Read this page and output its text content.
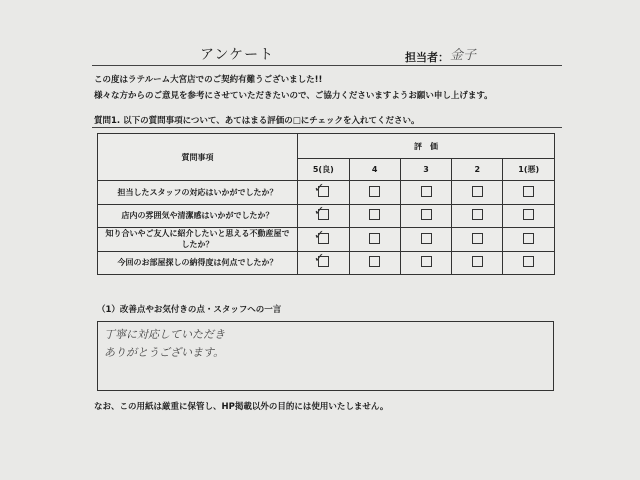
アンケート	担当者： 金子
この度はラテルーム大宮店でのご契約有難うございました!!
様々な方からのご意見を参考にさせていただきたいので、ご協力くださいますようお願い申し上げます。
質問1. 以下の質問事項について、あてはまる評価の□にチェックを入れてください。
質問事項	評　価				
	5(良)	4	3	2	1(悪)
担当したスタッフの対応はいかがでしたか？	✓				

店内の雰囲気や清潔感はいかがでしたか？	✓				

知り合いやご友人に紹介したいと思える不動産屋でしたか？	✓				

今回のお部屋探しの納得度は何点でしたか？	✓				

（1）改善点やお気付きの点・スタッフへの一言
丁寧に対応していただき
ありがとうございます。
なお、この用紙は厳重に保管し、HP掲載以外の目的には使用いたしません。
